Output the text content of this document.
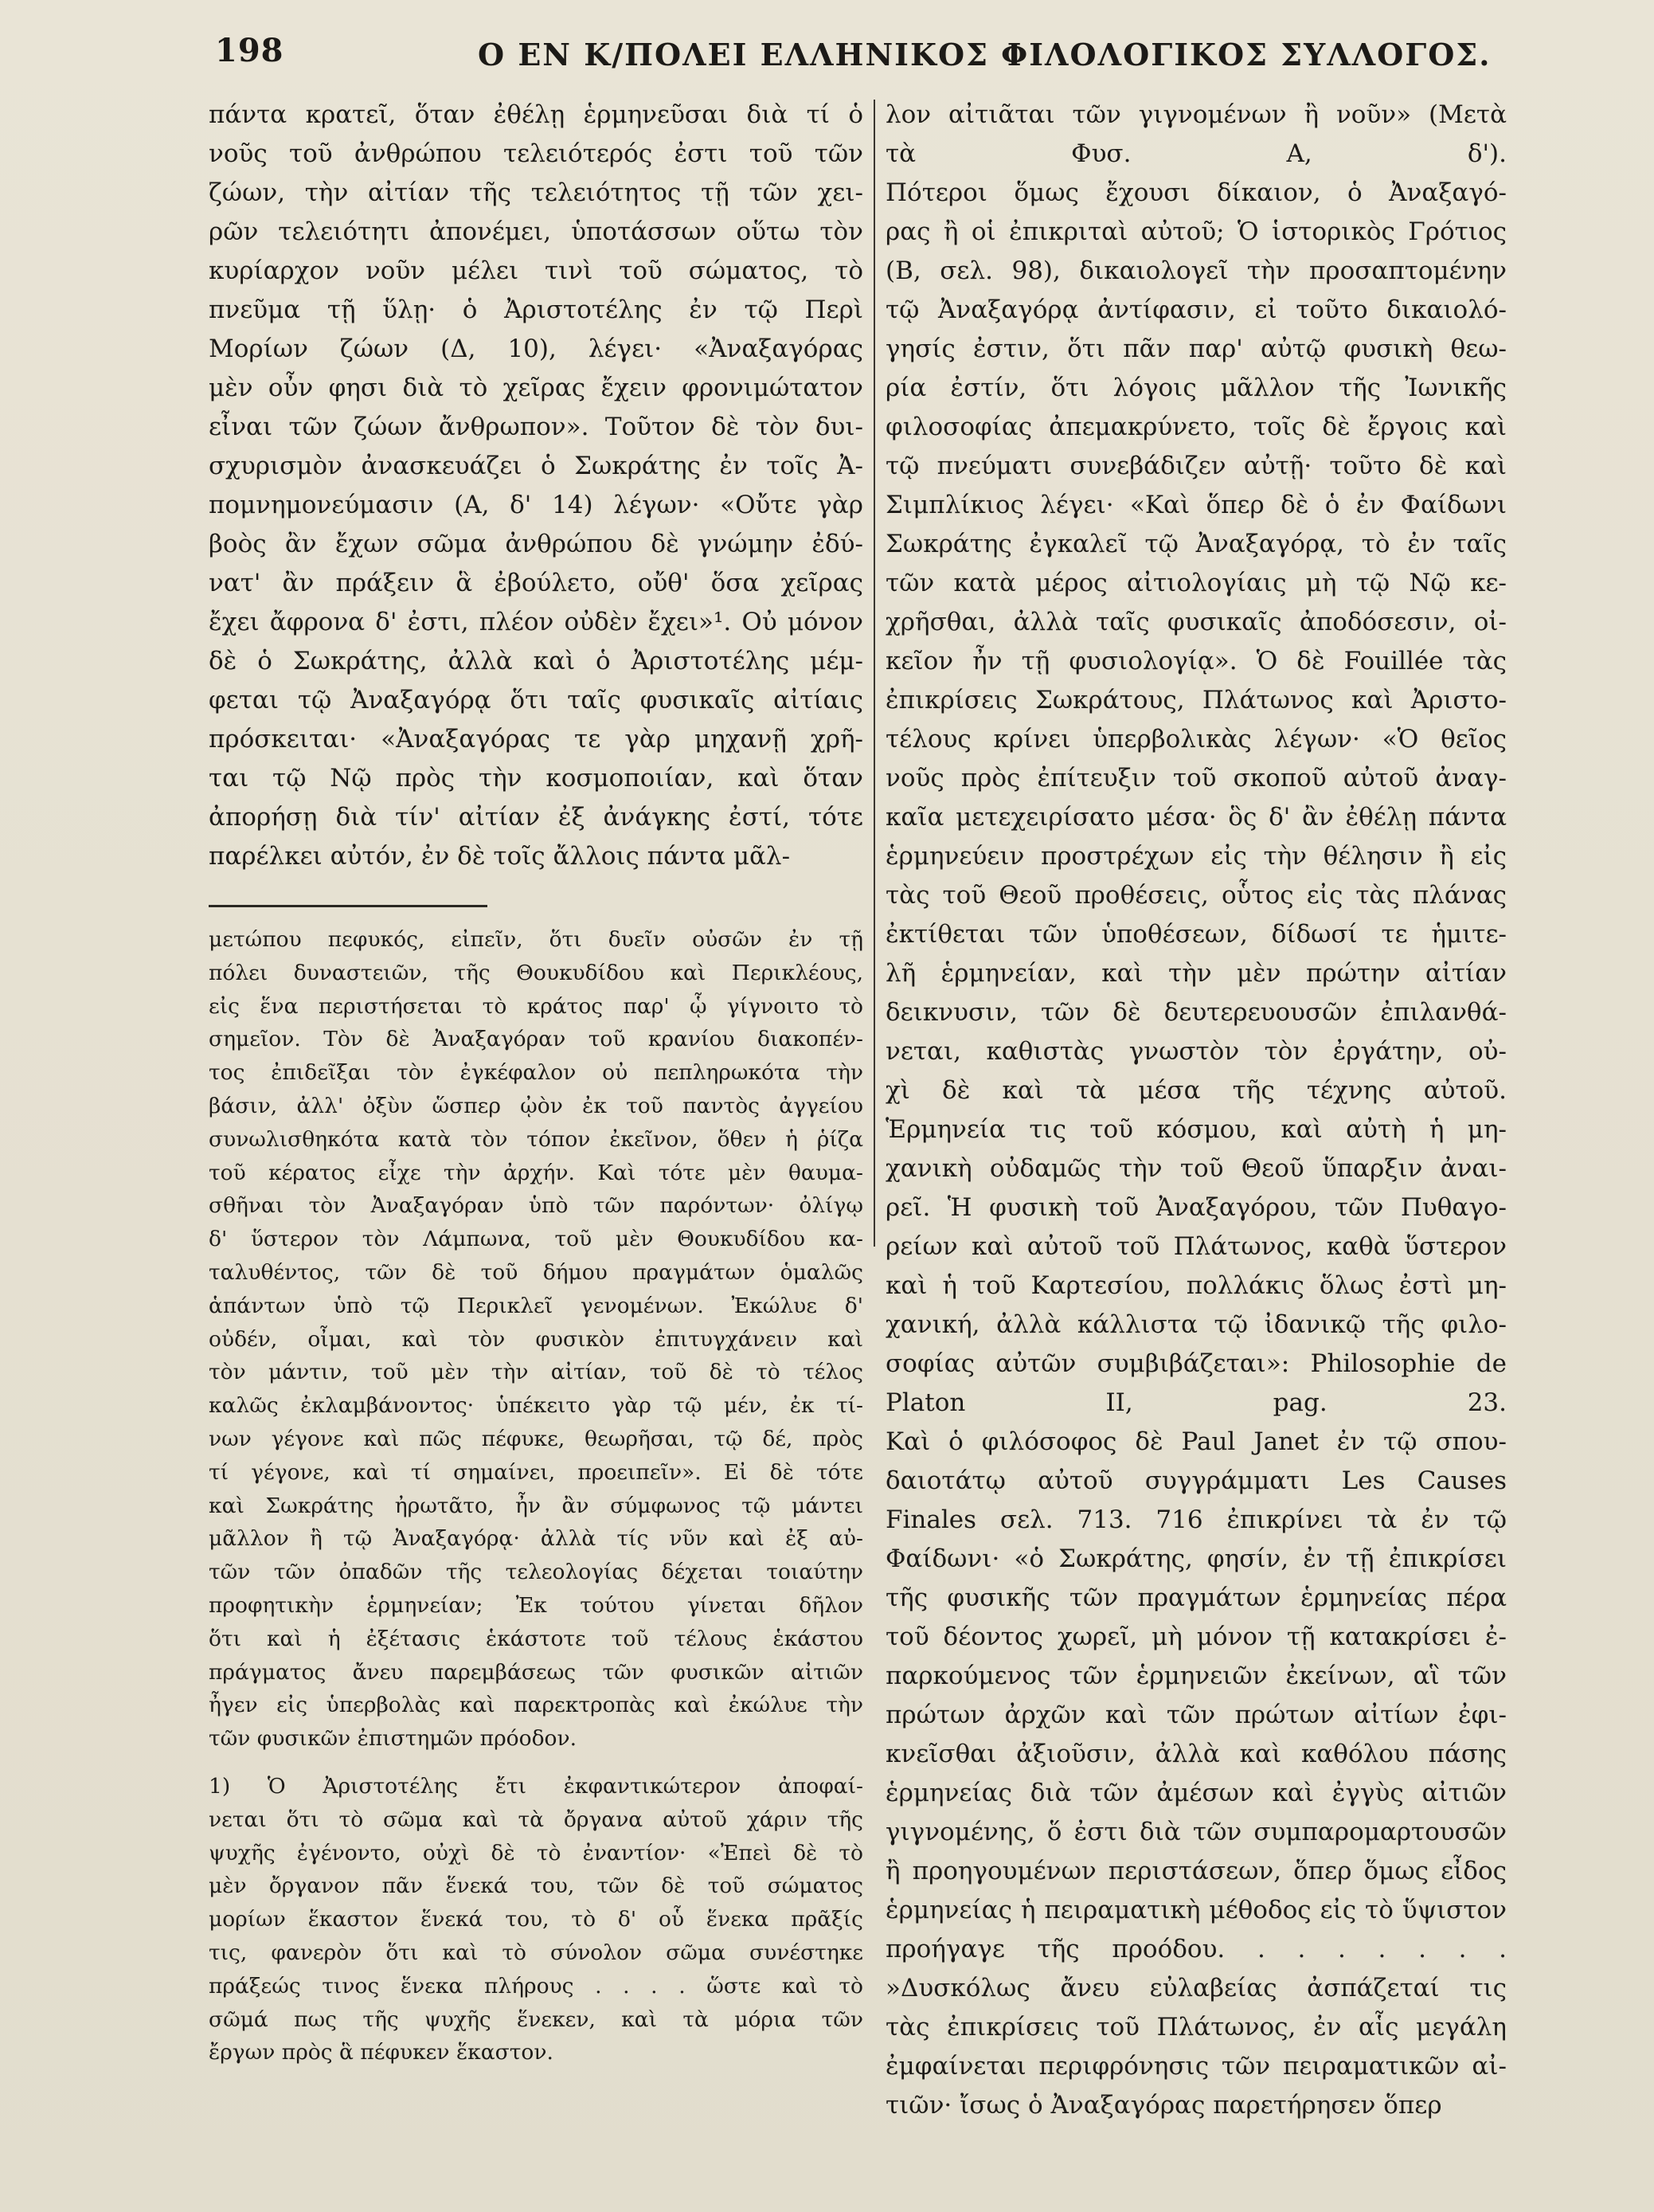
198	Ο ΕΝ Κ/ΠΟΛΕΙ ΕΛΛΗΝΙΚΟΣ ΦΙΛΟΛΟΓΙΚΟΣ ΣΥΛΛΟΓΟΣ.
πάντα κρατεῖ, ὅταν ἐθέλῃ ἑρμηνεῦσαι διὰ τί ὁ
νοῦς τοῦ ἀνθρώπου τελειότερός ἐστι τοῦ τῶν
ζώων, τὴν αἰτίαν τῆς τελειότητος τῇ τῶν χει-
ρῶν τελειότητι ἀπονέμει, ὑποτάσσων οὕτω τὸν
κυρίαρχον νοῦν μέλει τινὶ τοῦ σώματος, τὸ
πνεῦμα τῇ ὕλῃ· ὁ Ἀριστοτέλης ἐν τῷ Περὶ
Μορίων ζώων (Δ, 10), λέγει· «Ἀναξαγόρας
μὲν οὖν φησι διὰ τὸ χεῖρας ἔχειν φρονιμώτατον
εἶναι τῶν ζώων ἄνθρωπον». Τοῦτον δὲ τὸν δυι-
σχυρισμὸν ἀνασκευάζει ὁ Σωκράτης ἐν τοῖς Ἀ-
πομνημονεύμασιν (Α, δ' 14) λέγων· «Οὔτε γὰρ
βοὸς ἂν ἔχων σῶμα ἀνθρώπου δὲ γνώμην ἐδύ-
νατ' ἂν πράξειν ἃ ἐβούλετο, οὔθ' ὅσα χεῖρας
ἔχει ἄφρονα δ' ἐστι, πλέον οὐδὲν ἔχει»¹. Οὐ μόνον
δὲ ὁ Σωκράτης, ἀλλὰ καὶ ὁ Ἀριστοτέλης μέμ-
φεται τῷ Ἀναξαγόρᾳ ὅτι ταῖς φυσικαῖς αἰτίαις
πρόσκειται· «Ἀναξαγόρας τε γὰρ μηχανῇ χρῆ-
ται τῷ Νῷ πρὸς τὴν κοσμοποιίαν, καὶ ὅταν
ἀπορήσῃ διὰ τίν' αἰτίαν ἐξ ἀνάγκης ἐστί, τότε
παρέλκει αὐτόν, ἐν δὲ τοῖς ἄλλοις πάντα μᾶλ-
μετώπου πεφυκός, εἰπεῖν, ὅτι δυεῖν οὐσῶν ἐν τῇ
πόλει δυναστειῶν, τῆς Θουκυδίδου καὶ Περικλέους,
εἰς ἕνα περιστήσεται τὸ κράτος παρ' ᾧ γίγνοιτο τὸ
σημεῖον. Τὸν δὲ Ἀναξαγόραν τοῦ κρανίου διακοπέν-
τος ἐπιδεῖξαι τὸν ἐγκέφαλον οὐ πεπληρωκότα τὴν
βάσιν, ἀλλ' ὀξὺν ὥσπερ ᾠὸν ἐκ τοῦ παντὸς ἀγγείου
συνωλισθηκότα κατὰ τὸν τόπον ἐκεῖνον, ὅθεν ἡ ῥίζα
τοῦ κέρατος εἶχε τὴν ἀρχήν. Καὶ τότε μὲν θαυμα-
σθῆναι τὸν Ἀναξαγόραν ὑπὸ τῶν παρόντων· ὀλίγῳ
δ' ὕστερον τὸν Λάμπωνα, τοῦ μὲν Θουκυδίδου κα-
ταλυθέντος, τῶν δὲ τοῦ δήμου πραγμάτων ὁμαλῶς
ἁπάντων ὑπὸ τῷ Περικλεῖ γενομένων. Ἐκώλυε δ'
οὐδέν, οἶμαι, καὶ τὸν φυσικὸν ἐπιτυγχάνειν καὶ
τὸν μάντιν, τοῦ μὲν τὴν αἰτίαν, τοῦ δὲ τὸ τέλος
καλῶς ἐκλαμβάνοντος· ὑπέκειτο γὰρ τῷ μέν, ἐκ τί-
νων γέγονε καὶ πῶς πέφυκε, θεωρῆσαι, τῷ δέ, πρὸς
τί γέγονε, καὶ τί σημαίνει, προειπεῖν». Εἰ δὲ τότε
καὶ Σωκράτης ἠρωτᾶτο, ἦν ἂν σύμφωνος τῷ μάντει
μᾶλλον ἢ τῷ Ἀναξαγόρᾳ· ἀλλὰ τίς νῦν καὶ ἐξ αὐ-
τῶν τῶν ὀπαδῶν τῆς τελεολογίας δέχεται τοιαύτην
προφητικὴν ἑρμηνείαν; Ἐκ τούτου γίνεται δῆλον
ὅτι καὶ ἡ ἐξέτασις ἑκάστοτε τοῦ τέλους ἑκάστου
πράγματος ἄνευ παρεμβάσεως τῶν φυσικῶν αἰτιῶν
ἦγεν εἰς ὑπερβολὰς καὶ παρεκτροπὰς καὶ ἐκώλυε τὴν
τῶν φυσικῶν ἐπιστημῶν πρόοδον.
1) Ὁ Ἀριστοτέλης ἔτι ἐκφαντικώτερον ἀποφαί-
νεται ὅτι τὸ σῶμα καὶ τὰ ὄργανα αὐτοῦ χάριν τῆς
ψυχῆς ἐγένοντο, οὐχὶ δὲ τὸ ἐναντίον· «Ἐπεὶ δὲ τὸ
μὲν ὄργανον πᾶν ἕνεκά του, τῶν δὲ τοῦ σώματος
μορίων ἕκαστον ἕνεκά του, τὸ δ' οὗ ἕνεκα πρᾶξίς
τις, φανερὸν ὅτι καὶ τὸ σύνολον σῶμα συνέστηκε
πράξεώς τινος ἕνεκα πλήρους . . . . ὥστε καὶ τὸ
σῶμά πως τῆς ψυχῆς ἕνεκεν, καὶ τὰ μόρια τῶν
ἔργων πρὸς ἃ πέφυκεν ἕκαστον.
λον αἰτιᾶται τῶν γιγνομένων ἢ νοῦν» (Μετὰ
τὰ Φυσ. Α, δ').
Πότεροι ὅμως ἔχουσι δίκαιον, ὁ Ἀναξαγό-
ρας ἢ οἱ ἐπικριταὶ αὐτοῦ; Ὁ ἱστορικὸς Γρότιος
(Β, σελ. 98), δικαιολογεῖ τὴν προσαπτομένην
τῷ Ἀναξαγόρᾳ ἀντίφασιν, εἰ τοῦτο δικαιολό-
γησίς ἐστιν, ὅτι πᾶν παρ' αὐτῷ φυσικὴ θεω-
ρία ἐστίν, ὅτι λόγοις μᾶλλον τῆς Ἰωνικῆς
φιλοσοφίας ἀπεμακρύνετο, τοῖς δὲ ἔργοις καὶ
τῷ πνεύματι συνεβάδιζεν αὐτῇ· τοῦτο δὲ καὶ
Σιμπλίκιος λέγει· «Καὶ ὅπερ δὲ ὁ ἐν Φαίδωνι
Σωκράτης ἐγκαλεῖ τῷ Ἀναξαγόρᾳ, τὸ ἐν ταῖς
τῶν κατὰ μέρος αἰτιολογίαις μὴ τῷ Νῷ κε-
χρῆσθαι, ἀλλὰ ταῖς φυσικαῖς ἀποδόσεσιν, οἰ-
κεῖον ἦν τῇ φυσιολογίᾳ». Ὁ δὲ Fouillée τὰς
ἐπικρίσεις Σωκράτους, Πλάτωνος καὶ Ἀριστο-
τέλους κρίνει ὑπερβολικὰς λέγων· «Ὁ θεῖος
νοῦς πρὸς ἐπίτευξιν τοῦ σκοποῦ αὐτοῦ ἀναγ-
καῖα μετεχειρίσατο μέσα· ὃς δ' ἂν ἐθέλῃ πάντα
ἑρμηνεύειν προστρέχων εἰς τὴν θέλησιν ἢ εἰς
τὰς τοῦ Θεοῦ προθέσεις, οὗτος εἰς τὰς πλάνας
ἐκτίθεται τῶν ὑποθέσεων, δίδωσί τε ἡμιτε-
λῆ ἑρμηνείαν, καὶ τὴν μὲν πρώτην αἰτίαν
δεικνυσιν, τῶν δὲ δευτερευουσῶν ἐπιλανθά-
νεται, καθιστὰς γνωστὸν τὸν ἐργάτην, οὐ-
χὶ δὲ καὶ τὰ μέσα τῆς τέχνης αὐτοῦ.
Ἑρμηνεία τις τοῦ κόσμου, καὶ αὐτὴ ἡ μη-
χανικὴ οὐδαμῶς τὴν τοῦ Θεοῦ ὕπαρξιν ἀναι-
ρεῖ. Ἡ φυσικὴ τοῦ Ἀναξαγόρου, τῶν Πυθαγο-
ρείων καὶ αὐτοῦ τοῦ Πλάτωνος, καθὰ ὕστερον
καὶ ἡ τοῦ Καρτεσίου, πολλάκις ὅλως ἐστὶ μη-
χανική, ἀλλὰ κάλλιστα τῷ ἰδανικῷ τῆς φιλο-
σοφίας αὐτῶν συμβιβάζεται»: Philosophie de
Platon II, pag. 23.
Καὶ ὁ φιλόσοφος δὲ Paul Janet ἐν τῷ σπου-
δαιοτάτῳ αὐτοῦ συγγράμματι Les Causes
Finales σελ. 713. 716 ἐπικρίνει τὰ ἐν τῷ
Φαίδωνι· «ὁ Σωκράτης, φησίν, ἐν τῇ ἐπικρίσει
τῆς φυσικῆς τῶν πραγμάτων ἑρμηνείας πέρα
τοῦ δέοντος χωρεῖ, μὴ μόνον τῇ κατακρίσει ἐ-
παρκούμενος τῶν ἑρμηνειῶν ἐκείνων, αἳ τῶν
πρώτων ἀρχῶν καὶ τῶν πρώτων αἰτίων ἐφι-
κνεῖσθαι ἀξιοῦσιν, ἀλλὰ καὶ καθόλου πάσης
ἑρμηνείας διὰ τῶν ἀμέσων καὶ ἐγγὺς αἰτιῶν
γιγνομένης, ὅ ἐστι διὰ τῶν συμπαρομαρτουσῶν
ἢ προηγουμένων περιστάσεων, ὅπερ ὅμως εἶδος
ἑρμηνείας ἡ πειραματικὴ μέθοδος εἰς τὸ ὕψιστον
προήγαγε τῆς προόδου. . . . . . . .
»Δυσκόλως ἄνευ εὐλαβείας ἀσπάζεταί τις
τὰς ἐπικρίσεις τοῦ Πλάτωνος, ἐν αἷς μεγάλη
ἐμφαίνεται περιφρόνησις τῶν πειραματικῶν αἰ-
τιῶν· ἴσως ὁ Ἀναξαγόρας παρετήρησεν ὅπερ
